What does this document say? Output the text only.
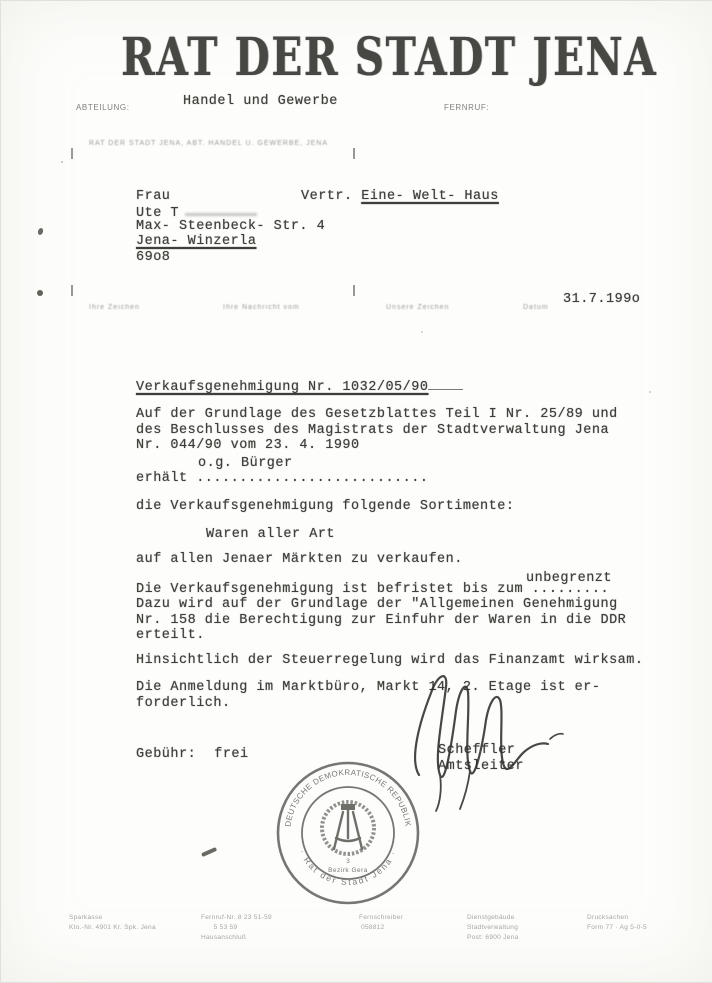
RAT DER STADT JENA
ABTEILUNG:	Handel und Gewerbe	FERNRUF:
RAT DER STADT JENA, ABT. HANDEL U. GEWERBE, JENA
Frau
Ute T
Max- Steenbeck- Str. 4
Jena- Winzerla
69o8
Vertr. Eine- Welt- Haus
Ihre Zeichen	Ihre Nachricht vom	Unsere Zeichen	Datum
31.7.199o
Verkaufsgenehmigung Nr. 1032/05/90
Auf der Grundlage des Gesetzblattes Teil I Nr. 25/89 und
des Beschlusses des Magistrats der Stadtverwaltung Jena
Nr. 044/90 vom 23. 4. 1990
o.g. Bürger
erhält ...........................
die Verkaufsgenehmigung folgende Sortimente:
Waren aller Art
auf allen Jenaer Märkten zu verkaufen.
Die Verkaufsgenehmigung ist befristet bis zum .........
unbegrenzt
Dazu wird auf der Grundlage der "Allgemeinen Genehmigung
Nr. 158 die Berechtigung zur Einfuhr der Waren in die DDR
erteilt.
Hinsichtlich der Steuerregelung wird das Finanzamt wirksam.
Die Anmeldung im Marktbüro, Markt 14, 2. Etage ist er-
forderlich.
Gebühr: frei	Scheffler
Amtsleiter
DEUTSCHE DEMOKRATISCHE REPUBLIK
· Rat der Stadt Jena ·
3
Bezirk Gera
Sparkasse
Kto.-Nr. 4901 Kr. Spk. Jena
Fernruf-Nr. 8 23 51-59
5 53 59
Hausanschluß
Fernschreiber
058812
Dienstgebäude
Stadtverwaltung
Post: 6900 Jena
Drucksachen
Form 77 · Ag 5-0-5
